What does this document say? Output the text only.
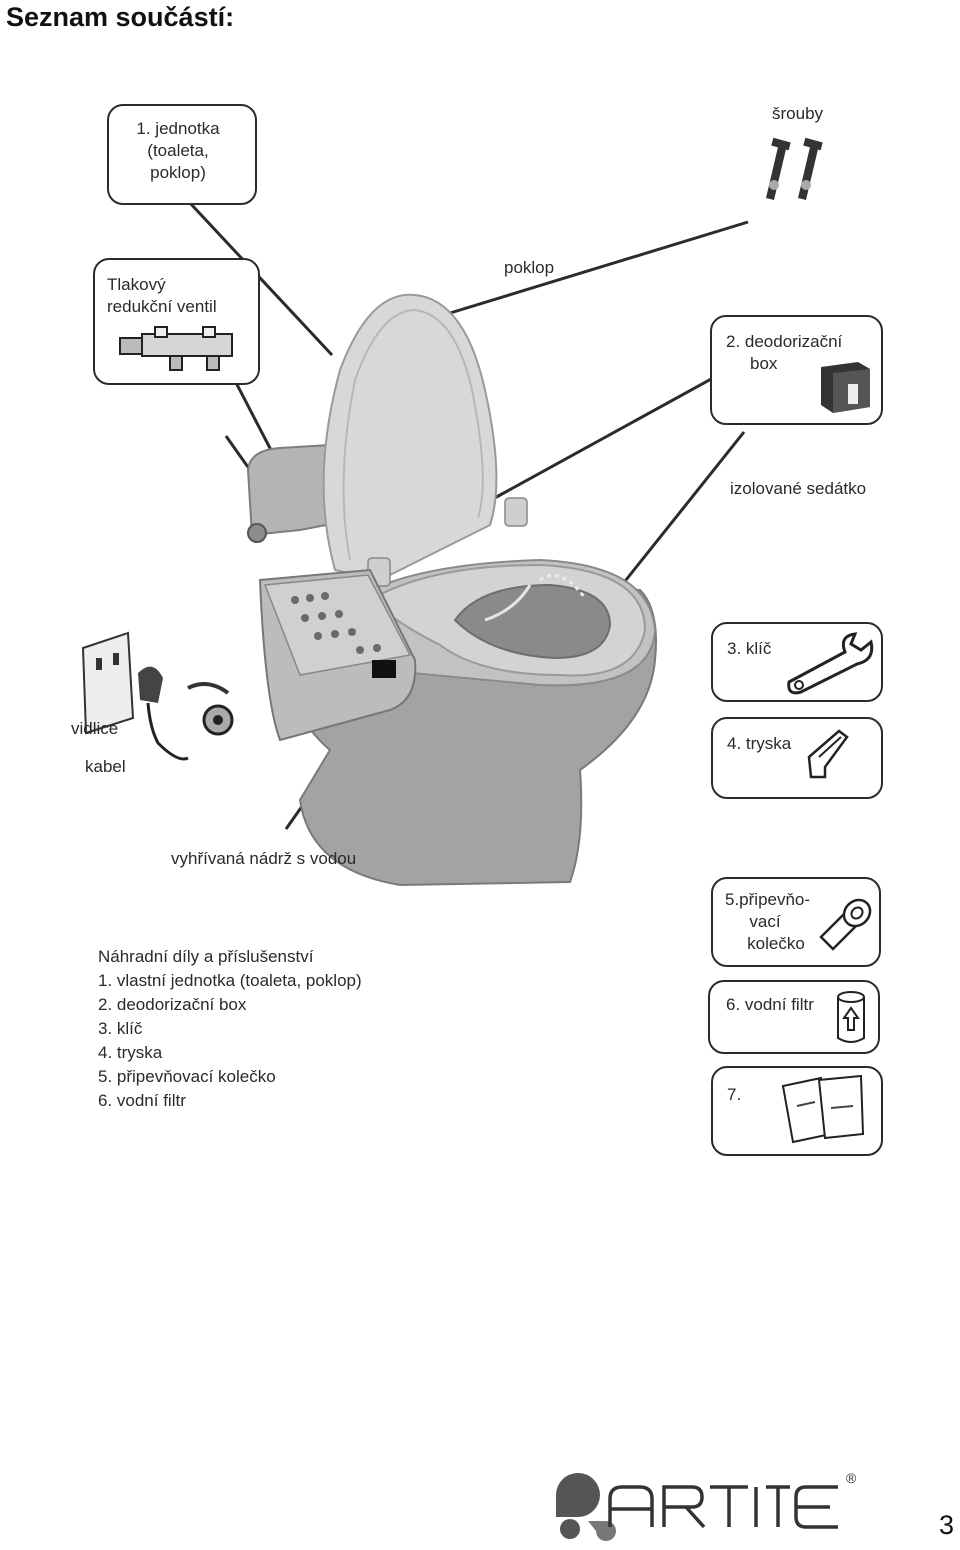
Seznam součástí:
1. jednotka
(toaleta,
poklop)
šrouby
Tlakový
redukční ventil
poklop
2. deodorizační
box
izolované sedátko
3. klíč
vidlice
kabel
4. tryska
vyhřívaná nádrž s vodou
Náhradní díly a příslušenství
1. vlastní jednotka (toaleta, poklop)
2. deodorizační box
3. klíč
4. tryska
5. připevňovací kolečko
6. vodní filtr
5.připevňo-
vací
kolečko
6. vodní filtr
7.
®
3
